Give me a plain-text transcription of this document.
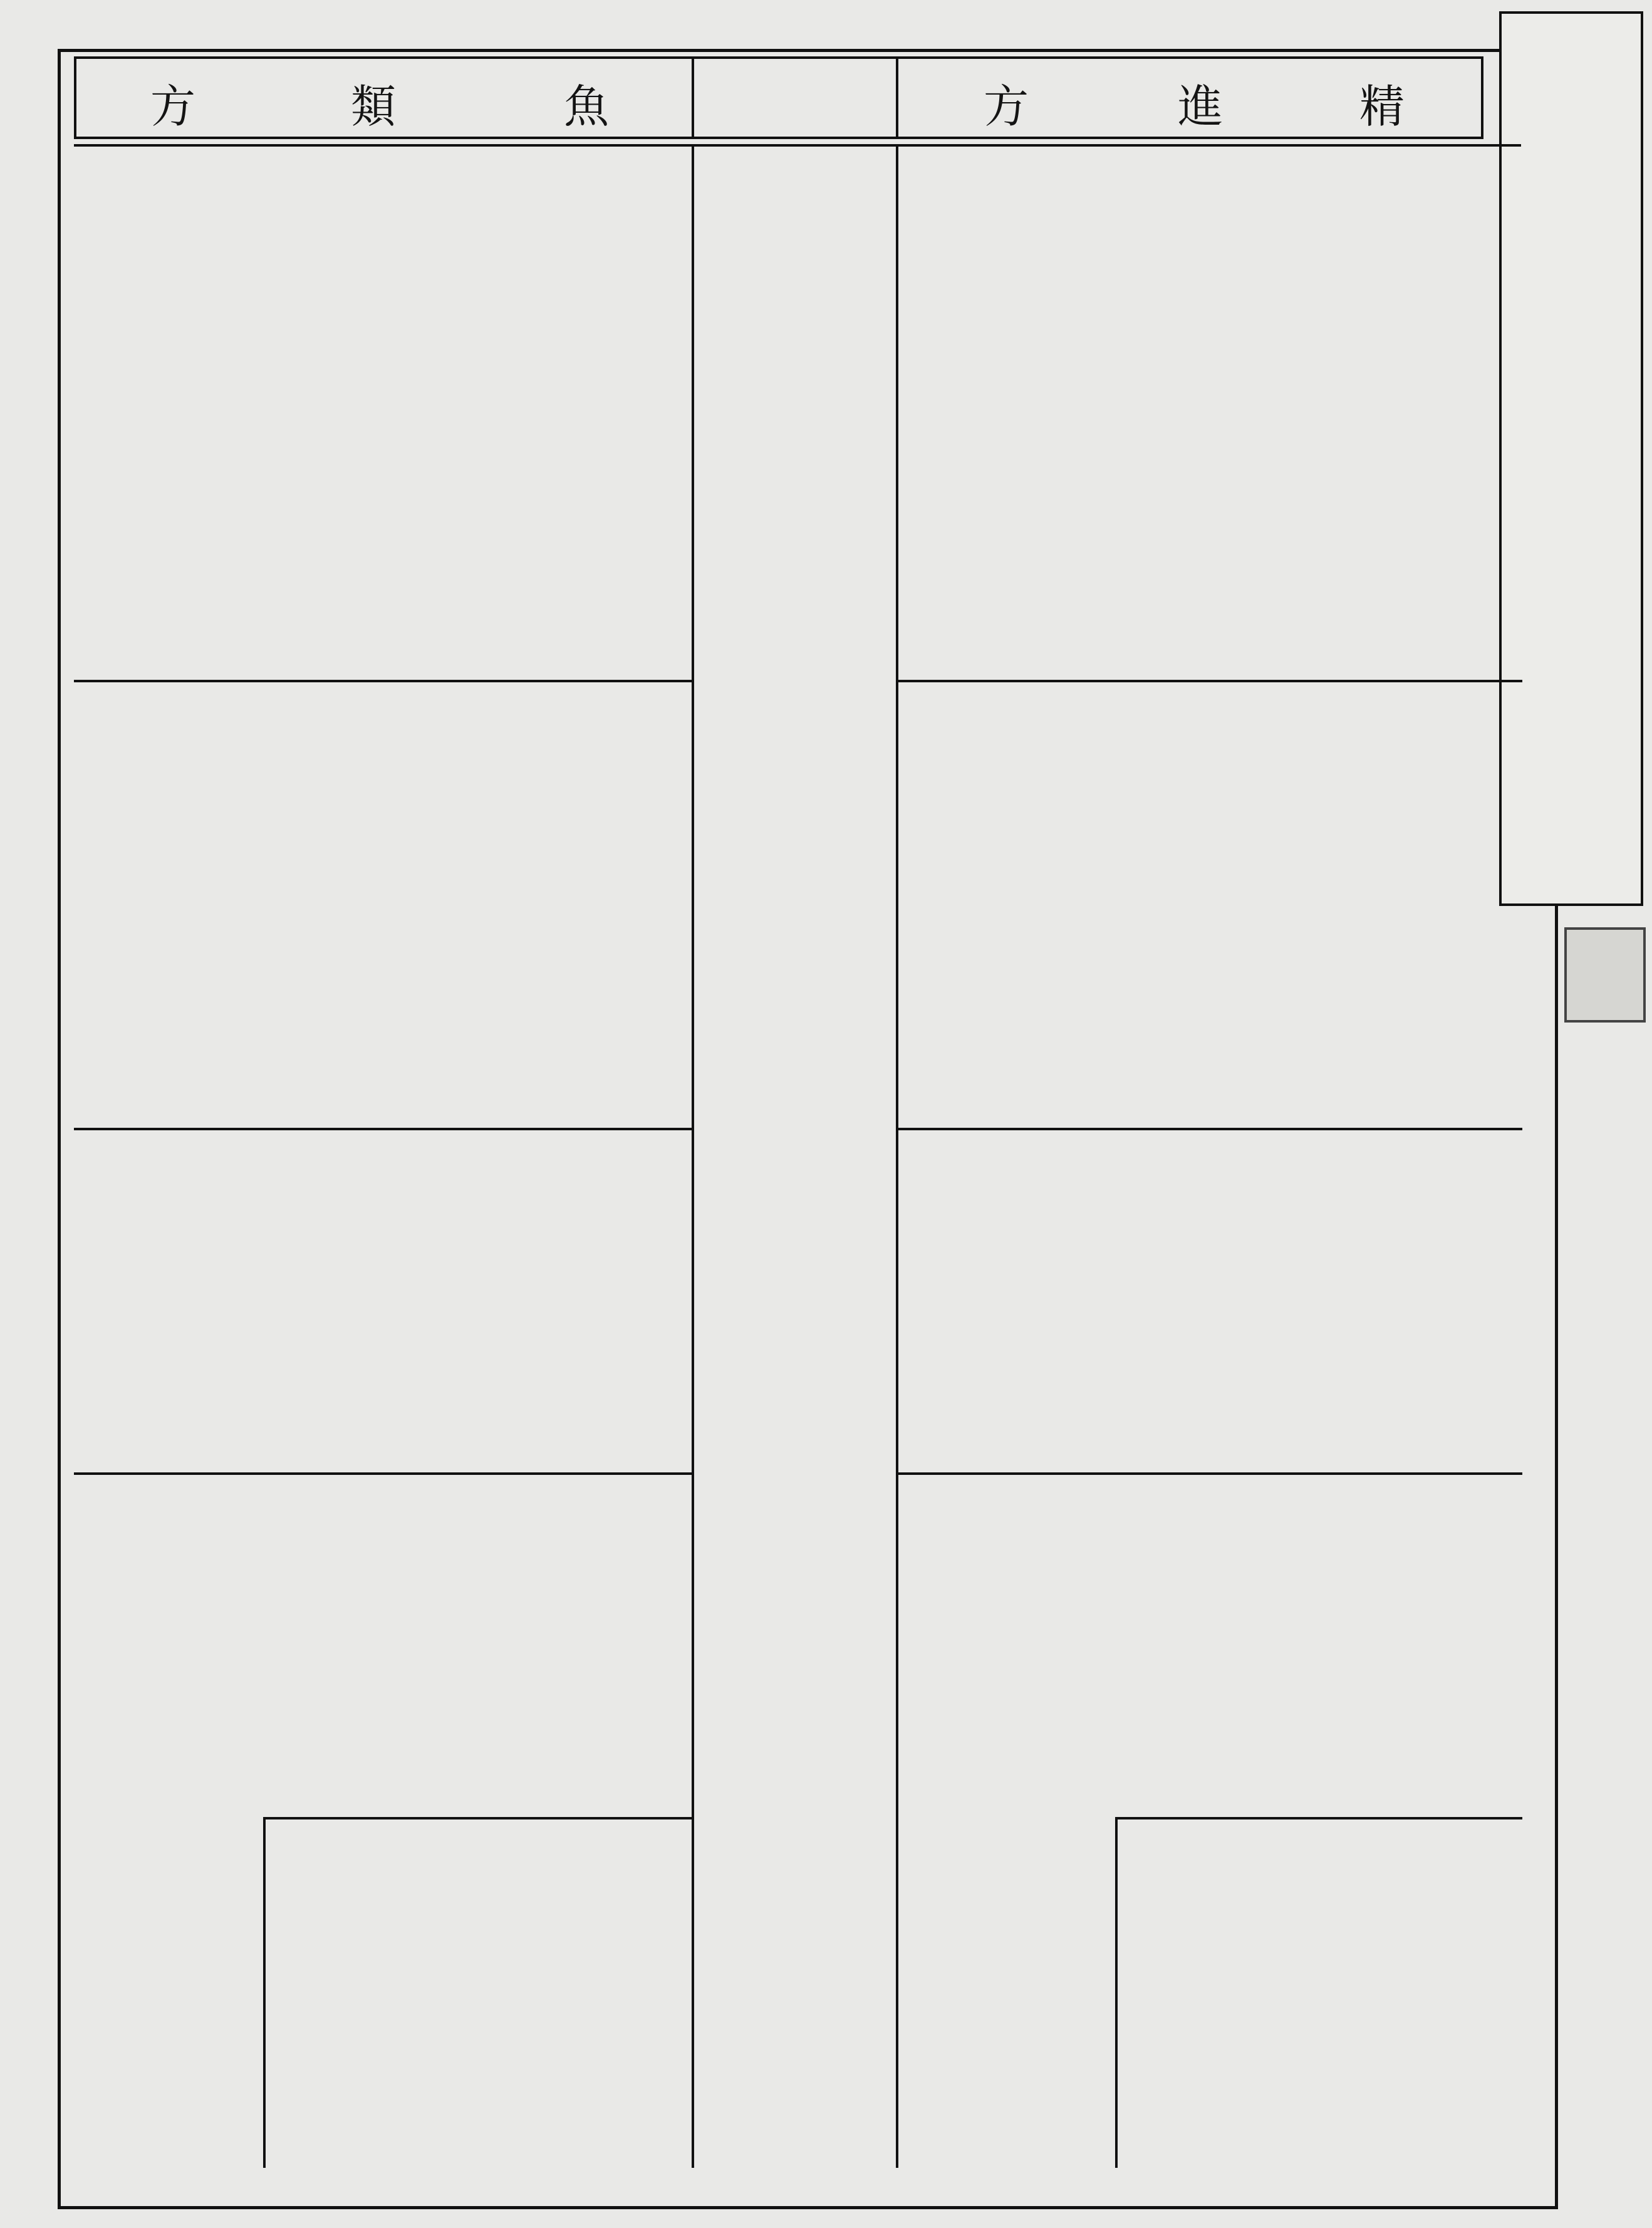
精
進
方
魚
類
方
